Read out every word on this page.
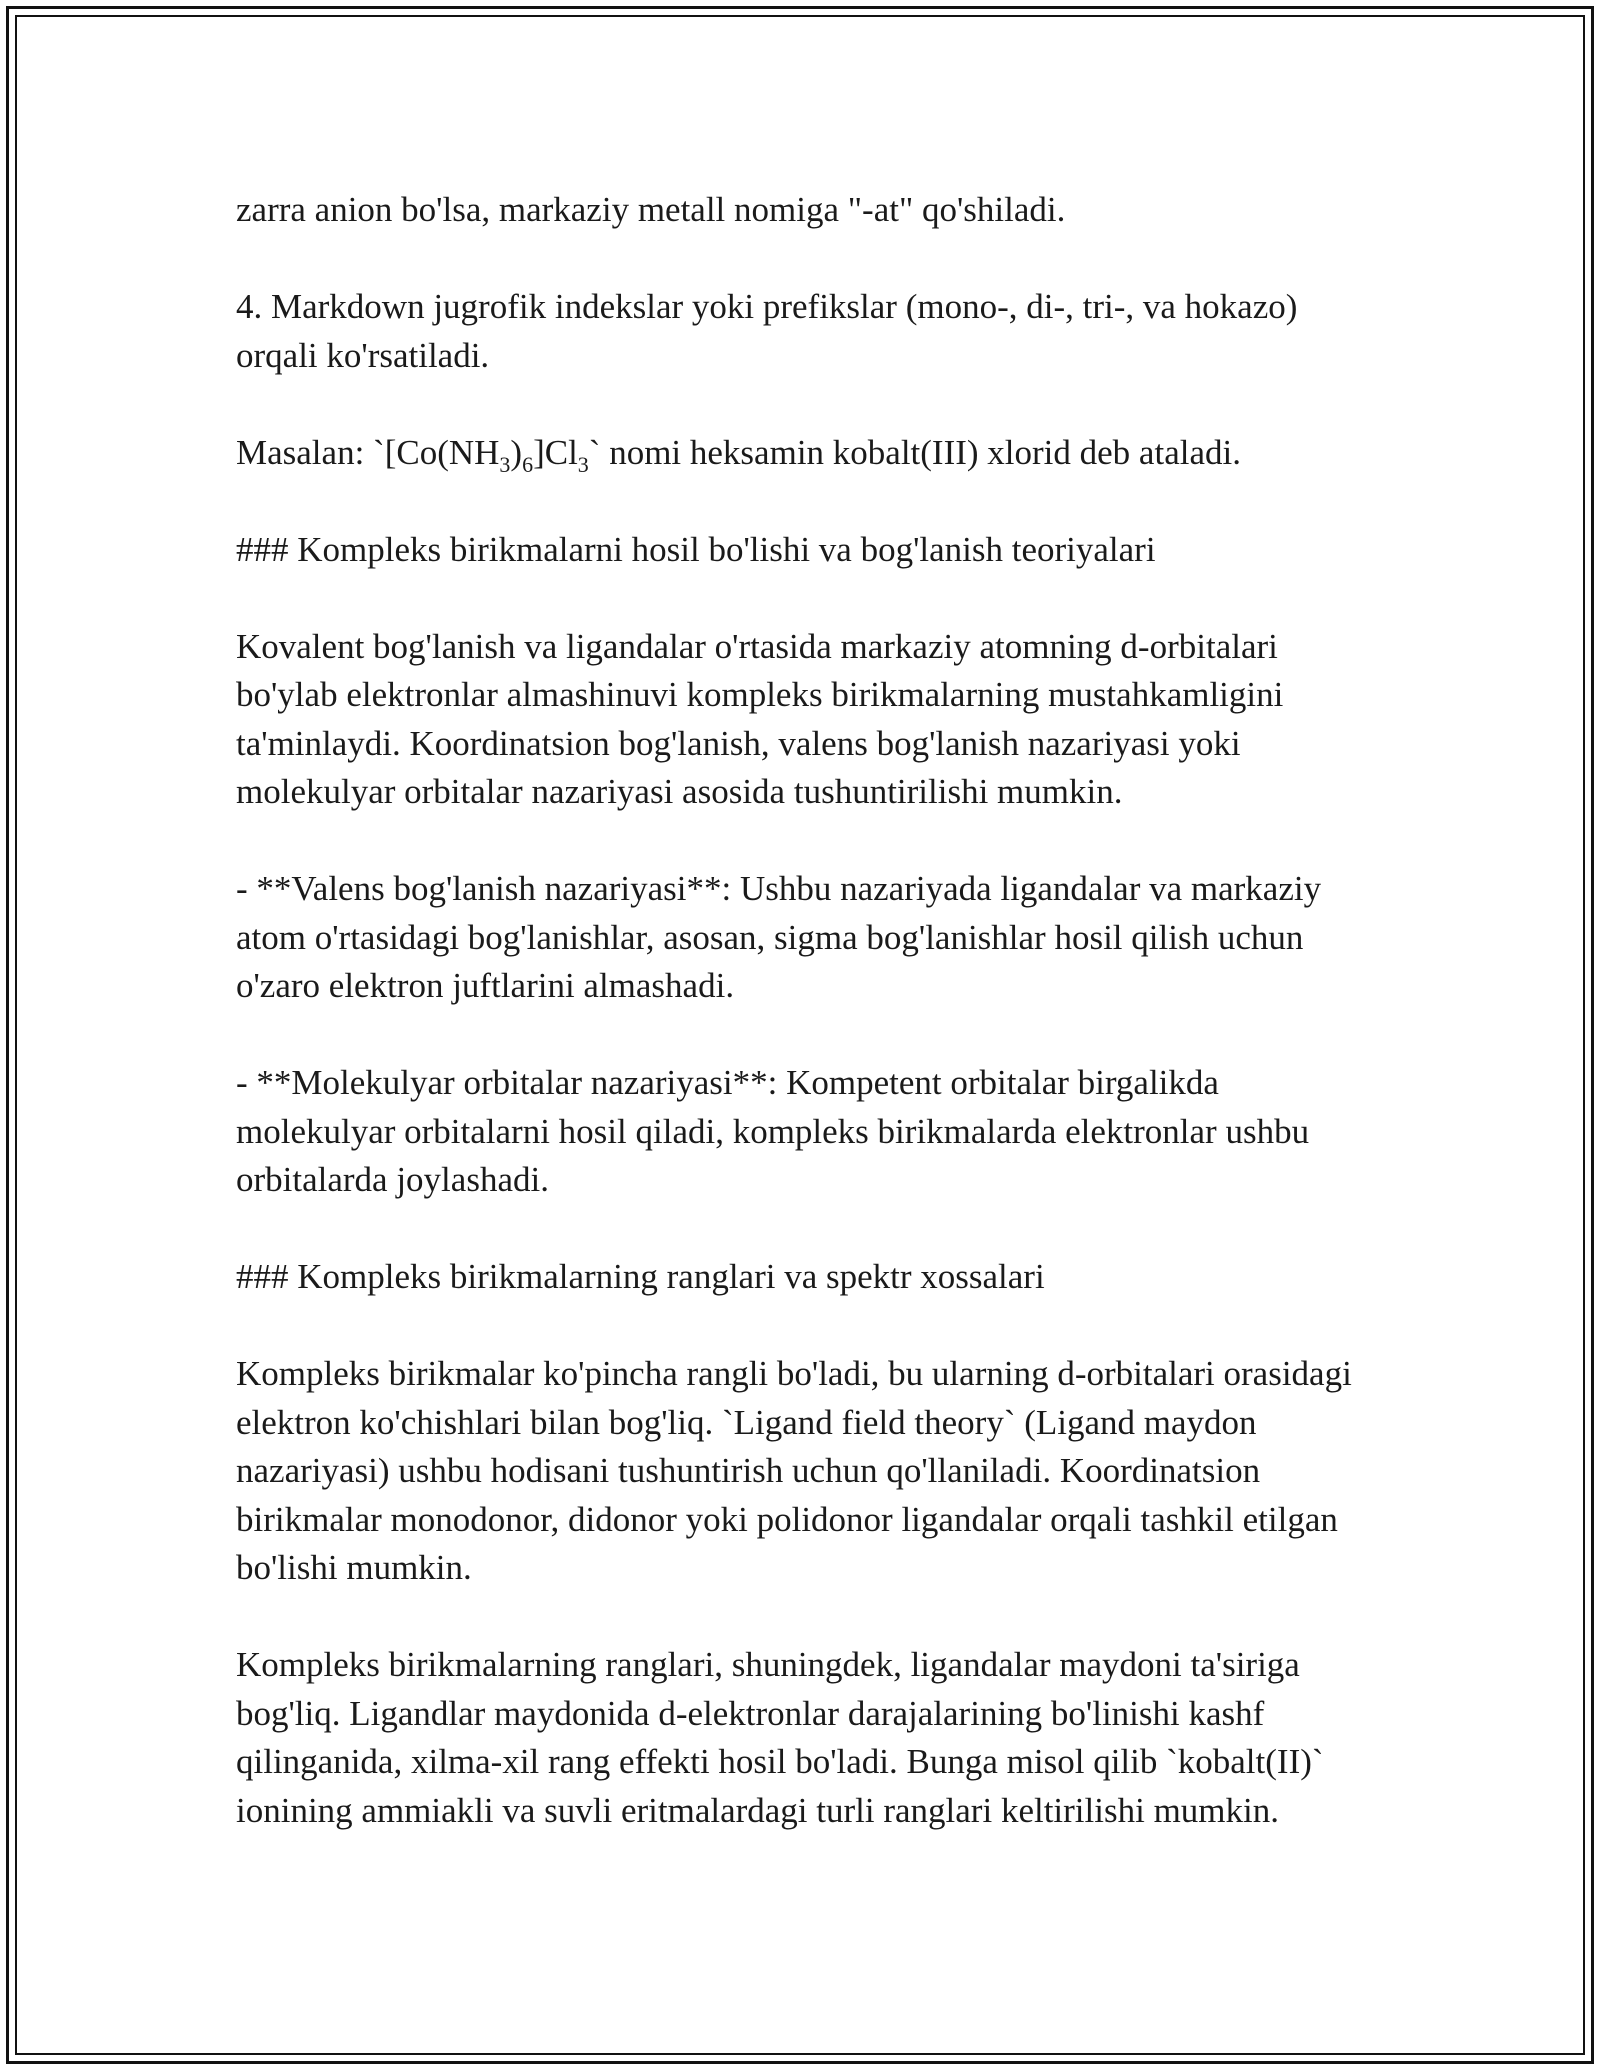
zarra anion bo'lsa, markaziy metall nomiga "-at" qo'shiladi.

4. Markdown jugrofik indekslar yoki prefikslar (mono-, di-, tri-, va hokazo) orqali ko'rsatiladi.

Masalan: $`[Co(NH_3)_6]Cl_3`$ nomi heksamin kobalt(III) xlorid deb ataladi.

### Kompleks birikmalarni hosil bo'lishi va bog'lanish teoriyalari

Kovalent bog'lanish va ligandalar o'rtasida markaziy atomning d-orbitalari bo'ylab elektronlar almashinuvi kompleks birikmalarning mustahkamligini ta'minlaydi. Koordinatsion bog'lanish, valens bog'lanish nazariyasi yoki molekulyar orbitalar nazariyasi asosida tushuntirilishi mumkin.

- **Valens bog'lanish nazariyasi**: Ushbu nazariyada ligandalar va markaziy atom o'rtasidagi bog'lanishlar, asosan, sigma bog'lanishlar hosil qilish uchun o'zaro elektron juftlarini almashadi.

- **Molekulyar orbitalar nazariyasi**: Kompetent orbitalar birgalikda molekulyar orbitalarni hosil qiladi, kompleks birikmalarda elektronlar ushbu orbitalarda joylashadi.

### Kompleks birikmalarning ranglari va spektr xossalari

Kompleks birikmalar ko'pincha rangli bo'ladi, bu ularning d-orbitalari orasidagi elektron ko'chishlari bilan bog'liq. `Ligand field theory` (Ligand maydon nazariyasi) ushbu hodisani tushuntirish uchun qo'llaniladi. Koordinatsion birikmalar monodonor, didonor yoki polidonor ligandalar orqali tashkil etilgan bo'lishi mumkin.

Kompleks birikmalarning ranglari, shuningdek, ligandalar maydoni ta'siriga bog'liq. Ligandlar maydonida d-elektronlar darajalarining bo'linishi kashf qilinganida, xilma-xil rang effekti hosil bo'ladi. Bunga misol qilib `kobalt(II)` ionining ammiakli va suvli eritmalardagi turli ranglari keltirilishi mumkin.
